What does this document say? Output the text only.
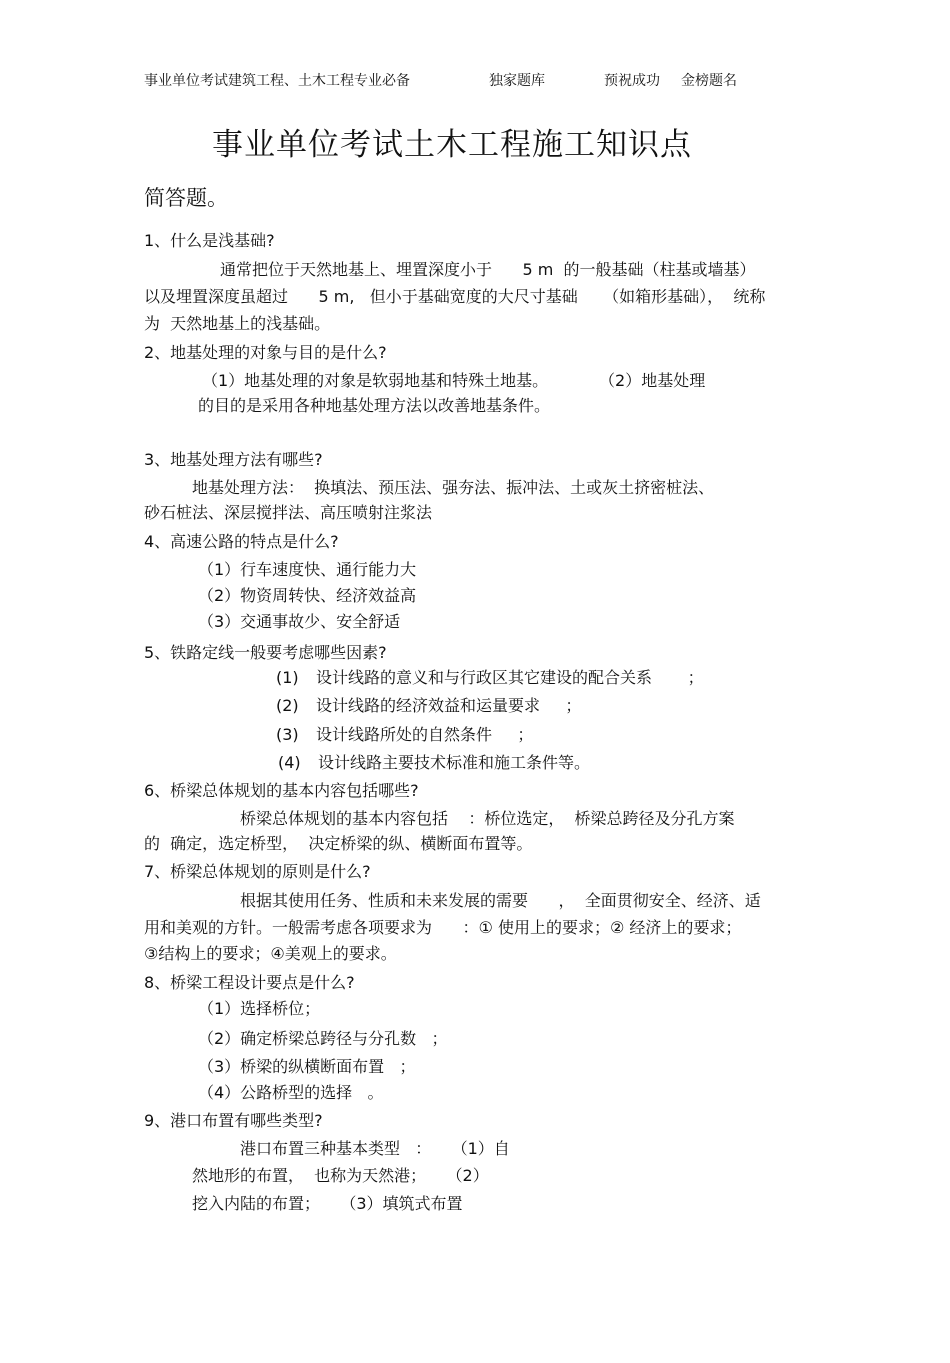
事业单位考试建筑工程、土木工程专业必备	独家题库	预祝成功 金榜题名
事业单位考试土木工程施工知识点
简答题。
1、什么是浅基础?
通常把位于天然地基上、埋置深度小于      5 m  的一般基础（柱基或墙基）
以及埋置深度虽超过      5 m,   但小于基础宽度的大尺寸基础     （如箱形基础），  统称
为  天然地基上的浅基础。
2、地基处理的对象与目的是什么?
（1）地基处理的对象是软弱地基和特殊土地基。          （2）地基处理
的目的是采用各种地基处理方法以改善地基条件。
3、地基处理方法有哪些?
地基处理方法：  换填法、预压法、强夯法、振冲法、土或灰土挤密桩法、
砂石桩法、深层搅拌法、高压喷射注浆法
4、高速公路的特点是什么?
（1）行车速度快、通行能力大
（2）物资周转快、经济效益高
（3）交通事故少、安全舒适
5、铁路定线一般要考虑哪些因素?
(1) 设计线路的意义和与行政区其它建设的配合关系       ；
(2) 设计线路的经济效益和运量要求     ；
(3) 设计线路所处的自然条件     ；
(4) 设计线路主要技术标准和施工条件等。
6、桥梁总体规划的基本内容包括哪些?
桥梁总体规划的基本内容包括    ：桥位选定，  桥梁总跨径及分孔方案
的  确定，选定桥型，  决定桥梁的纵、横断面布置等。
7、桥梁总体规划的原则是什么?
根据其使用任务、性质和未来发展的需要      ，  全面贯彻安全、经济、适
用和美观的方针。一般需考虑各项要求为      ：① 使用上的要求；② 经济上的要求；
③结构上的要求；④美观上的要求。
8、桥梁工程设计要点是什么?
（1）选择桥位；
（2）确定桥梁总跨径与分孔数   ；
（3）桥梁的纵横断面布置   ；
（4）公路桥型的选择   。
9、港口布置有哪些类型?
港口布置三种基本类型   ：    （1）自
然地形的布置，  也称为天然港；    （2）
挖入内陆的布置；    （3）填筑式布置
